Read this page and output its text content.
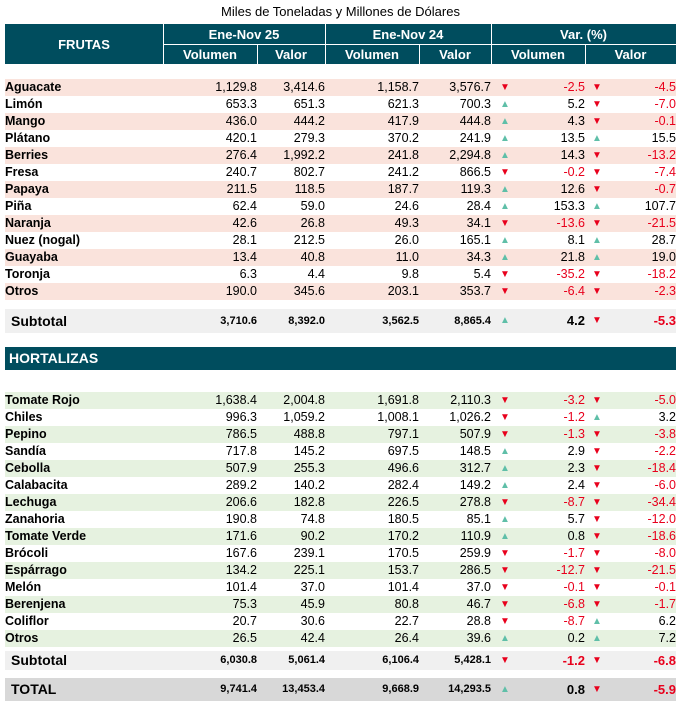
Miles de Toneladas y Millones de Dólares
FRUTAS
Ene-Nov 25	Ene-Nov 24	Var. (%)
Volumen	Valor	Volumen	Valor	Volumen	Valor
Aguacate	1,129.8	3,414.6	1,158.7	3,576.7	▼	-2.5	▼	-4.5
Limón	653.3	651.3	621.3	700.3	▲	5.2	▼	-7.0
Mango	436.0	444.2	417.9	444.8	▲	4.3	▼	-0.1
Plátano	420.1	279.3	370.2	241.9	▲	13.5	▲	15.5
Berries	276.4	1,992.2	241.8	2,294.8	▲	14.3	▼	-13.2
Fresa	240.7	802.7	241.2	866.5	▼	-0.2	▼	-7.4
Papaya	211.5	118.5	187.7	119.3	▲	12.6	▼	-0.7
Piña	62.4	59.0	24.6	28.4	▲	153.3	▲	107.7
Naranja	42.6	26.8	49.3	34.1	▼	-13.6	▼	-21.5
Nuez (nogal)	28.1	212.5	26.0	165.1	▲	8.1	▲	28.7
Guayaba	13.4	40.8	11.0	34.3	▲	21.8	▲	19.0
Toronja	6.3	4.4	9.8	5.4	▼	-35.2	▼	-18.2
Otros	190.0	345.6	203.1	353.7	▼	-6.4	▼	-2.3
Subtotal	3,710.6	8,392.0	3,562.5	8,865.4	▲	4.2	▼	-5.3
HORTALIZAS
Tomate Rojo	1,638.4	2,004.8	1,691.8	2,110.3	▼	-3.2	▼	-5.0
Chiles	996.3	1,059.2	1,008.1	1,026.2	▼	-1.2	▲	3.2
Pepino	786.5	488.8	797.1	507.9	▼	-1.3	▼	-3.8
Sandía	717.8	145.2	697.5	148.5	▲	2.9	▼	-2.2
Cebolla	507.9	255.3	496.6	312.7	▲	2.3	▼	-18.4
Calabacita	289.2	140.2	282.4	149.2	▲	2.4	▼	-6.0
Lechuga	206.6	182.8	226.5	278.8	▼	-8.7	▼	-34.4
Zanahoria	190.8	74.8	180.5	85.1	▲	5.7	▼	-12.0
Tomate Verde	171.6	90.2	170.2	110.9	▲	0.8	▼	-18.6
Brócoli	167.6	239.1	170.5	259.9	▼	-1.7	▼	-8.0
Espárrago	134.2	225.1	153.7	286.5	▼	-12.7	▼	-21.5
Melón	101.4	37.0	101.4	37.0	▼	-0.1	▼	-0.1
Berenjena	75.3	45.9	80.8	46.7	▼	-6.8	▼	-1.7
Coliflor	20.7	30.6	22.7	28.8	▼	-8.7	▲	6.2
Otros	26.5	42.4	26.4	39.6	▲	0.2	▲	7.2
Subtotal	6,030.8	5,061.4	6,106.4	5,428.1	▼	-1.2	▼	-6.8
TOTAL	9,741.4	13,453.4	9,668.9	14,293.5	▲	0.8	▼	-5.9
